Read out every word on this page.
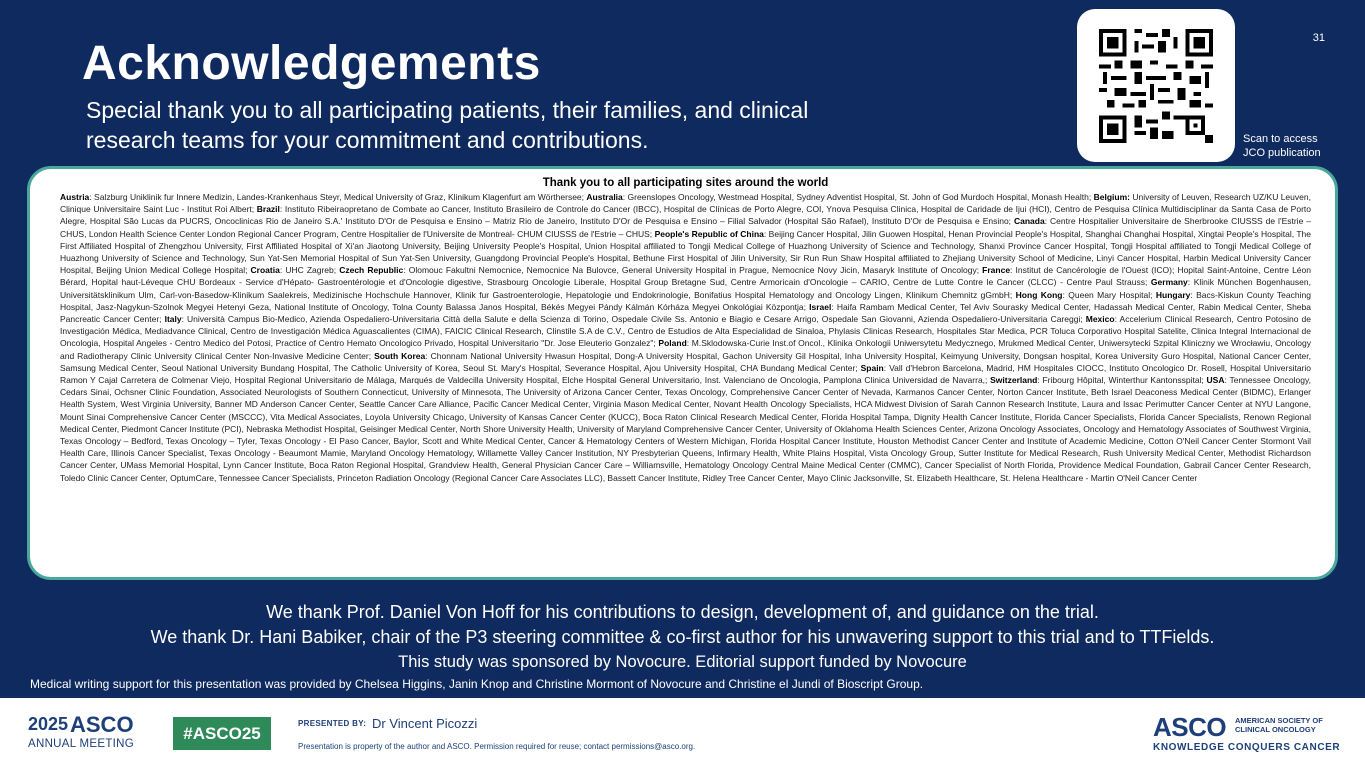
31
Acknowledgements
Special thank you to all participating patients, their families, and clinical research teams for your commitment and contributions.	Scan to access
JCO publication
Thank you to all participating sites around the world
Austria: Salzburg Uniklinik fur Innere Medizin, Landes-Krankenhaus Steyr, Medical University of Graz, Klinikum Klagenfurt am Wörthersee; Australia: Greenslopes Oncology, Westmead Hospital, Sydney Adventist Hospital, St. John of God Murdoch Hospital, Monash Health; Belgium: University of Leuven, Research UZ/KU Leuven, Clinique Universitaire Saint Luc - Institut Roi Albert; Brazil: Instituto Ribeiraopretano de Combate ao Cancer, Instituto Brasileiro de Controle do Cancer (IBCC), Hospital de Clínicas de Porto Alegre, COI, Ynova Pesquisa Clinica, Hospital de Caridade de Ijui (HCI), Centro de Pesquisa Clínica Multidisciplinar da Santa Casa de Porto Alegre, Hospital São Lucas da PUCRS, Oncoclinicas Rio de Janeiro S.A.' Instituto D'Or de Pesquisa e Ensino – Matriz Rio de Janeiro, Instituto D'Or de Pesquisa e Ensino – Filial Salvador (Hospital São Rafael), Instituto D'Or de Pesquisa e Ensino; Canada: Centre Hospitalier Universitaire de Sherbrooke CIUSSS de l'Estrie – CHUS, London Health Science Center London Regional Cancer Program, Centre Hospitalier de l'Universite de Montreal- CHUM CIUSSS de l'Estrie – CHUS; People's Republic of China: Beijing Cancer Hospital, Jilin Guowen Hospital, Henan Provincial People's Hospital, Shanghai Changhai Hospital, Xingtai People's Hospital, The First Affiliated Hospital of Zhengzhou University, First Affiliated Hospital of Xi'an Jiaotong University, Beijing University People's Hospital, Union Hospital affiliated to Tongji Medical College of Huazhong University of Science and Technology, Shanxi Province Cancer Hospital, Tongji Hospital affiliated to Tongji Medical College of Huazhong University of Science and Technology, Sun Yat-Sen Memorial Hospital of Sun Yat-Sen University, Guangdong Provincial People's Hospital, Bethune First Hospital of Jilin University, Sir Run Run Shaw Hospital affiliated to Zhejiang University School of Medicine, Linyi Cancer Hospital, Harbin Medical University Cancer Hospital, Beijing Union Medical College Hospital; Croatia: UHC Zagreb; Czech Republic: Olomouc Fakultni Nemocnice, Nemocnice Na Bulovce, General University Hospital in Prague, Nemocnice Novy Jicin, Masaryk Institute of Oncology; France: Institut de Cancérologie de l'Ouest (ICO); Hopital Saint-Antoine, Centre Léon Bérard, Hopital haut-Lévequе CHU Bordeaux - Service d'Hépato- Gastroentérologie et d'Oncologie digestive, Strasbourg Oncologie Liberale, Hospital Group Bretagne Sud, Centre Armoricain d'Oncologie – CARIO, Centre de Lutte Contre le Cancer (CLCC) - Centre Paul Strauss; Germany: Klinik München Bogenhausen, Universitätsklinikum Ulm, Carl-von-Basedow-Klinikum Saalekreis, Medizinische Hochschule Hannover, Klinik fur Gastroenterologie, Hepatologie und Endokrinologie, Bonifatius Hospital Hematology and Oncology Lingen, Klinikum Chemnitz gGmbH; Hong Kong: Queen Mary Hospital; Hungary: Bacs-Kiskun County Teaching Hospital, Jasz-Nagykun-Szolnok Megyei Hetenyi Geza, National Institute of Oncology, Tolna County Balassa Janos Hospital, Békés Megyei Pándy Kálmán Kórháza Megyei Onkológiai Központja; Israel: Haifa Rambam Medical Center, Tel Aviv Sourasky Medical Center, Hadassah Medical Center, Rabin Medical Center, Sheba Pancreatic Cancer Center; Italy: Università Campus Bio-Medico, Azienda Ospedaliero-Universitaria Città della Salute e della Scienza di Torino, Ospedale Civile Ss. Antonio e Biagio e Cesare Arrigo, Ospedale San Giovanni, Azienda Ospedaliero-Universitaria Careggi; Mexico: Accelerium Clinical Research, Centro Potosino de Investigación Médica, Mediadvance Clinical, Centro de Investigación Médica Aguascalientes (CIMA), FAICIC Clinical Research, Clinstile S.A de C.V., Centro de Estudios de Alta Especialidad de Sinaloa, Phylasis Clinicas Research, Hospitales Star Medica, PCR Toluca Corporativo Hospital Satelite, Clinica Integral Internacional de Oncologia, Hospital Angeles - Centro Medico del Potosi, Practice of Centro Hemato Oncologico Privado, Hospital Universitario "Dr. Jose Eleuterio Gonzalez"; Poland: M.Sklodowska-Curie Inst.of Oncol., Klinika Onkologii Uniwersytetu Medycznego, Mrukmed Medical Center, Uniwersytecki Szpital Kliniczny we Wrocławiu, Oncology and Radiotherapy Clinic University Clinical Center Non-Invasive Medicine Center; South Korea: Chonnam National University Hwasun Hospital, Dong-A University Hospital, Gachon University Gil Hospital, Inha University Hospital, Keimyung University, Dongsan hospital, Korea University Guro Hospital, National Cancer Center, Samsung Medical Center, Seoul National University Bundang Hospital, The Catholic University of Korea, Seoul St. Mary's Hospital, Severance Hospital, Ajou University Hospital, CHA Bundang Medical Center; Spain: Vall d'Hebron Barcelona, Madrid, HM Hospitales CIOCC, Instituto Oncologico Dr. Rosell, Hospital Universitario Ramon Y Cajal Carretera de Colmenar Viejo, Hospital Regional Universitario de Málaga, Marqués de Valdecilla University Hospital, Elche Hospital General Universitario, Inst. Valenciano de Oncologia, Pamplona Clinica Universidad de Navarra,; Switzerland: Fribourg Hôpital, Winterthur Kantonsspital; USA: Tennessee Oncology, Cedars Sinai, Ochsner Clinic Foundation, Associated Neurologists of Southern Connecticut, University of Minnesota, The University of Arizona Cancer Center, Texas Oncology, Comprehensive Cancer Center of Nevada, Karmanos Cancer Center, Norton Cancer Institute, Beth Israel Deaconess Medical Center (BIDMC), Erlanger Health System, West Virginia University, Banner MD Anderson Cancer Center, Seattle Cancer Care Alliance, Pacific Cancer Medical Center, Virginia Mason Medical Center, Novant Health Oncology Specialists, HCA Midwest Division of Sarah Cannon Research Institute, Laura and Issac Perimutter Cancer Center at NYU Langone, Mount Sinai Comprehensive Cancer Center (MSCCC), Vita Medical Associates, Loyola University Chicago, University of Kansas Cancer Center (KUCC), Boca Raton Clinical Research Medical Center, Florida Hospital Tampa, Dignity Health Cancer Institute, Florida Cancer Specialists, Florida Cancer Specialists, Renown Regional Medical Center, Piedmont Cancer Institute (PCI), Nebraska Methodist Hospital, Geisinger Medical Center, North Shore University Health, University of Maryland Comprehensive Cancer Center, University of Oklahoma Health Sciences Center, Arizona Oncology Associates, Oncology and Hematology Associates of Southwest Virginia, Texas Oncology – Bedford, Texas Oncology – Tyler, Texas Oncology - El Paso Cancer, Baylor, Scott and White Medical Center, Cancer & Hematology Centers of Western Michigan, Florida Hospital Cancer Institute, Houston Methodist Cancer Center and Institute of Academic Medicine, Cotton O'Neil Cancer Center Stormont Vail Health Care, Illinois Cancer Specialist, Texas Oncology - Beaumont Mamie, Maryland Oncology Hematology, Willamette Valley Cancer Institution, NY Presbyterian Queens, Infirmary Health, White Plains Hospital, Vista Oncology Group, Sutter Institute for Medical Research, Rush University Medical Center, Methodist Richardson Cancer Center, UMass Memorial Hospital, Lynn Cancer Institute, Boca Raton Regional Hospital, Grandview Health, General Physician Cancer Care – Williamsville, Hematology Oncology Central Maine Medical Center (CMMC), Cancer Specialist of North Florida, Providence Medical Foundation, Gabrail Cancer Center Research, Toledo Clinic Cancer Center, OptumCare, Tennessee Cancer Specialists, Princeton Radiation Oncology (Regional Cancer Care Associates LLC), Bassett Cancer Institute, Ridley Tree Cancer Center, Mayo Clinic Jacksonville, St. Elizabeth Healthcare, St. Helena Healthcare - Martin O'Neil Cancer Center
We thank Prof. Daniel Von Hoff for his contributions to design, development of, and guidance on the trial.
We thank Dr. Hani Babiker, chair of the P3 steering committee & co-first author for his unwavering support to this trial and to TTFields.
This study was sponsored by Novocure. Editorial support funded by Novocure
Medical writing support for this presentation was provided by Chelsea Higgins, Janin Knop and Christine Mormont of Novocure and Christine el Jundi of Bioscript Group.
2025 ASCO
ANNUAL MEETING
#ASCO25	PRESENTED BY: Dr Vincent Picozzi
Presentation is property of the author and ASCO. Permission required for reuse; contact permissions@asco.org.
ASCO AMERICAN SOCIETY OF CLINICAL ONCOLOGY
KNOWLEDGE CONQUERS CANCER
